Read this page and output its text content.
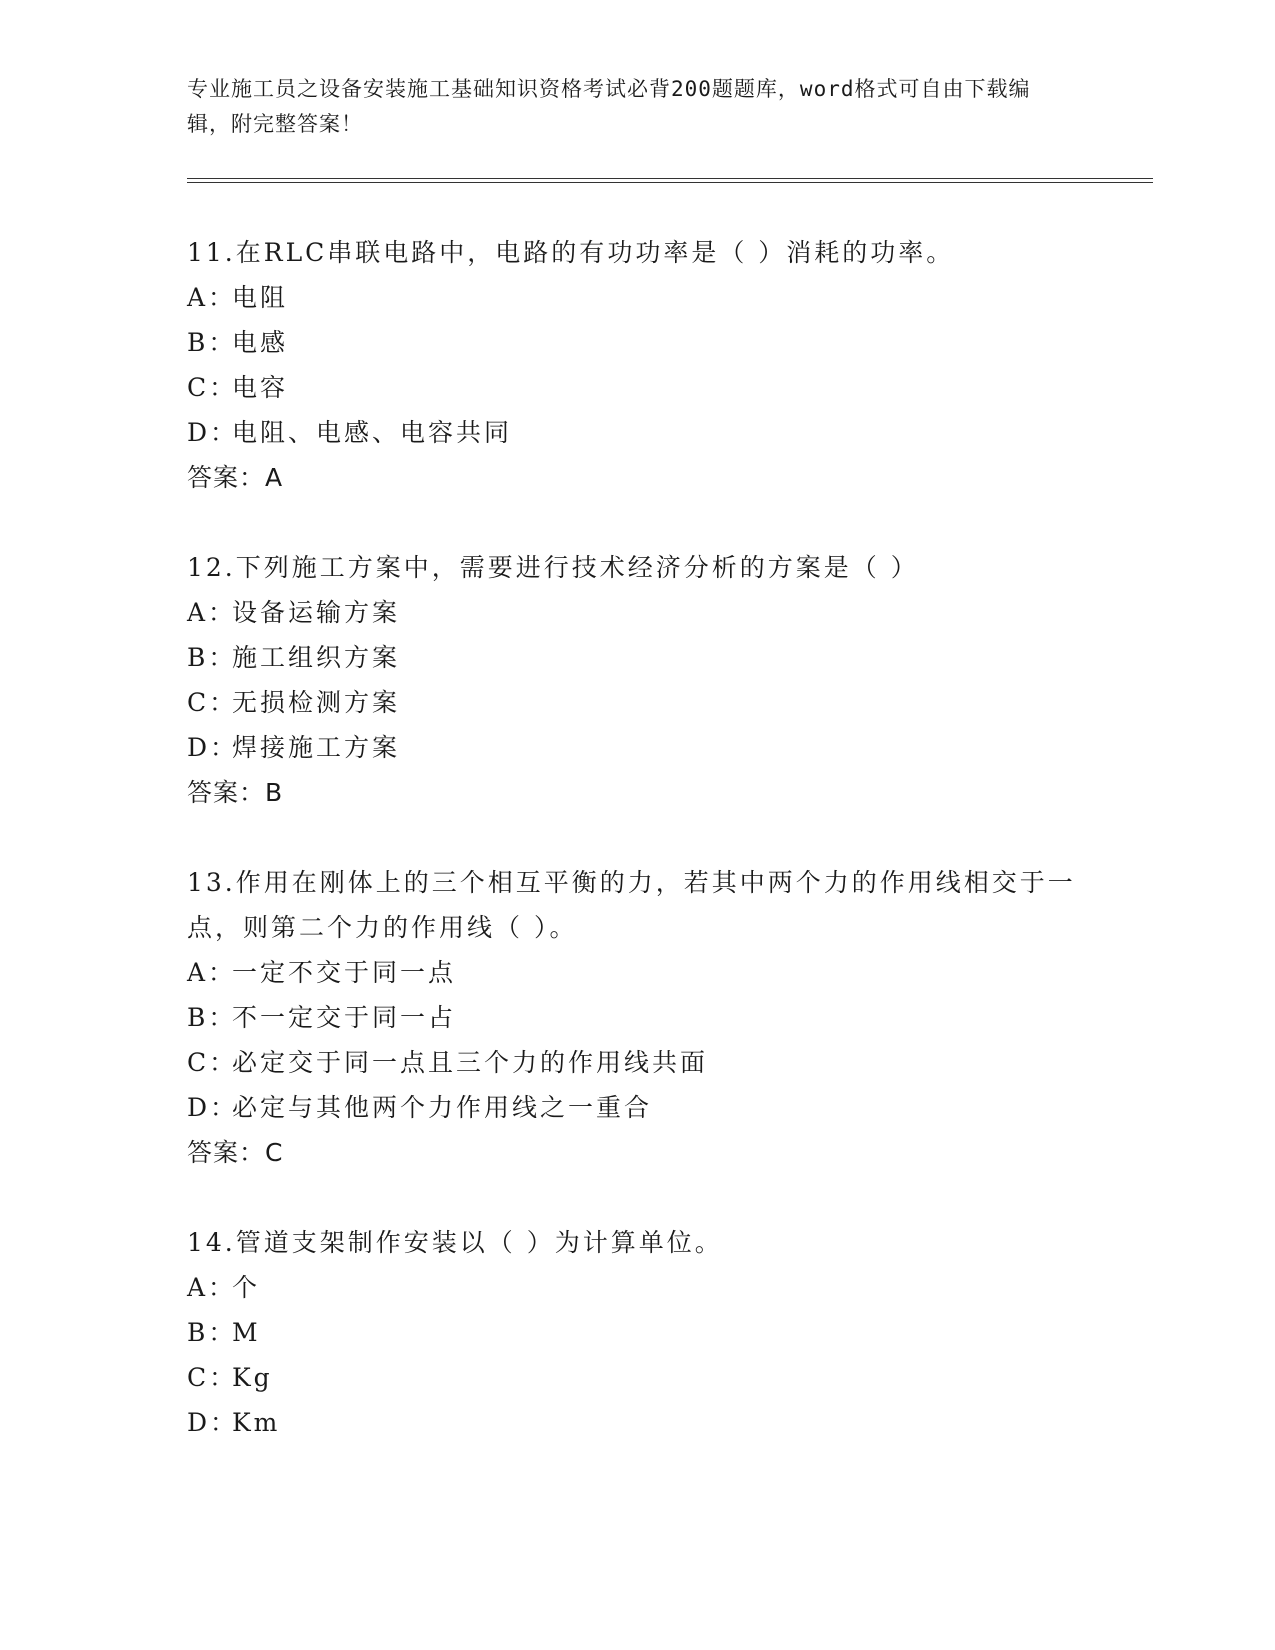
专业施工员之设备安装施工基础知识资格考试必背200题题库，word格式可自由下载编辑，附完整答案！

11.在RLC串联电路中，电路的有功功率是（ ）消耗的功率。

A：电阻

B：电感

C：电容

D：电阻、电感、电容共同

答案：A

12.下列施工方案中，需要进行技术经济分析的方案是（ ）

A：设备运输方案

B：施工组织方案

C：无损检测方案

D：焊接施工方案

答案：B

13.作用在刚体上的三个相互平衡的力，若其中两个力的作用线相交于一点，则第二个力的作用线（ ）。

A：一定不交于同一点

B：不一定交于同一占

C：必定交于同一点且三个力的作用线共面

D：必定与其他两个力作用线之一重合

答案：C

14.管道支架制作安装以（ ）为计算单位。

A：个

B：M

C：Kg

D：Km
